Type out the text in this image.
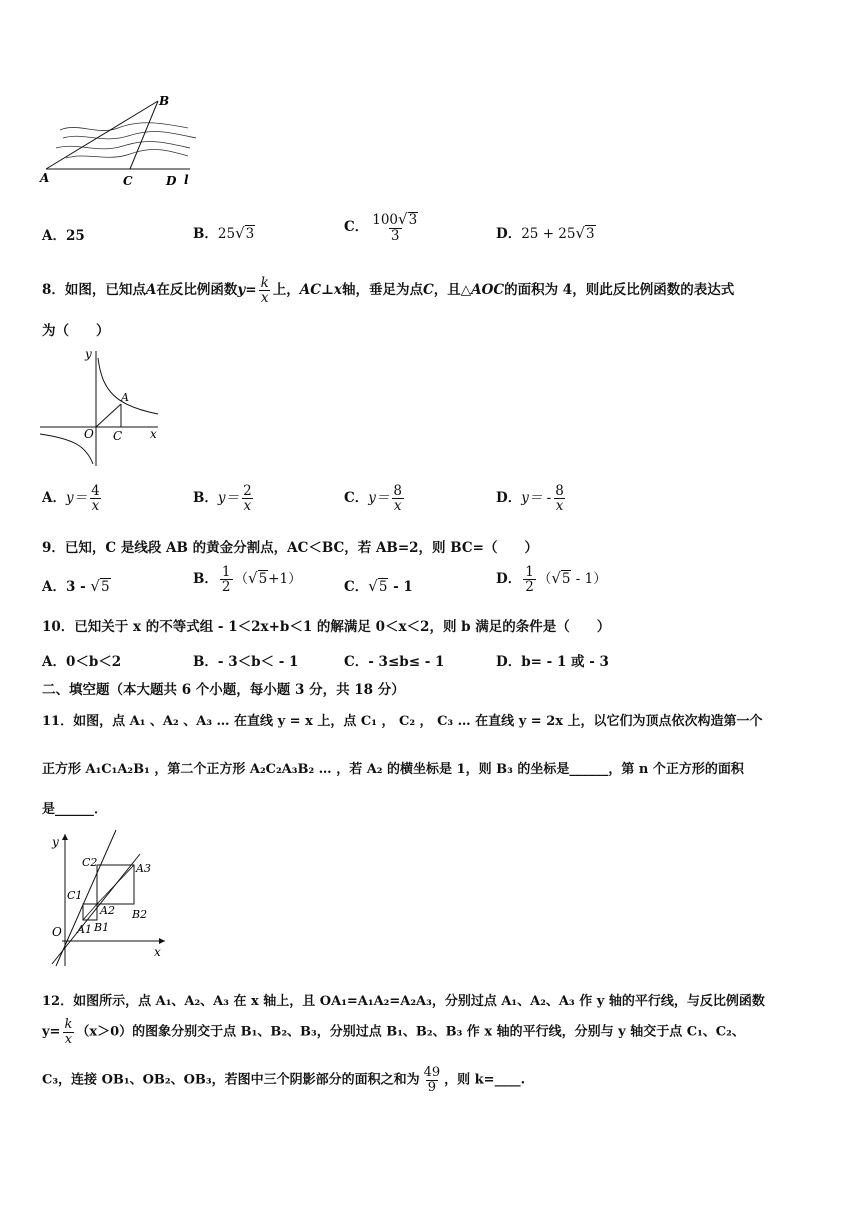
B
A	C	D l
A．25	B．25√3	C． $\frac{100√3}{3}$	D．25 + 25√3
8．如图，已知点A在反比例函数$y= \frac{k}{x}$ 上，AC⊥x轴，垂足为点C，且△AOC的面积为 4，则此反比例函数的表达式
为（　　）
y
A
O C x
A．$y= \frac{4}{x}$	B．$y= \frac{2}{x}$	C．$y= \frac{8}{x}$	D．$y= - \frac{8}{x}$
9．已知，C 是线段 AB 的黄金分割点，AC＜BC，若 AB=2，则 BC=（　　）
A．3 - √5	B． $\frac{1}{2} (√5+1)$	C．√5 - 1	D． $\frac{1}{2} (√5 - 1)$
10．已知关于 x 的不等式组 - 1＜2x+b＜1 的解满足 0＜x＜2，则 b 满足的条件是（　　）
A．0＜b＜2	B．- 3＜b＜ - 1	C．- 3≤b≤ - 1	D．b= - 1 或 - 3
二、填空题（本大题共 6 个小题，每小题 3 分，共 18 分）
11．如图，点 A₁ 、A₂ 、A₃ … 在直线 y = x 上，点 C₁ ， C₂ ， C₃ … 在直线 y = 2x 上，以它们为顶点依次构造第一个
正方形 A₁C₁A₂B₁ ，第二个正方形 A₂C₂A₃B₂ … ，若 A₂ 的横坐标是 1，则 B₃ 的坐标是______，第 n 个正方形的面积
是______．
y
C2	A3
C1
A2 B2
O A1 B1
x
12．如图所示，点 A₁、A₂、A₃ 在 x 轴上，且 OA₁=A₁A₂=A₂A₃，分别过点 A₁、A₂、A₃ 作 y 轴的平行线，与反比例函数
$y= \frac{k}{x} (x>0)$的图象分别交于点 B₁、B₂、B₃，分别过点 B₁、B₂、B₃ 作 x 轴的平行线，分别与 y 轴交于点 C₁、C₂、
C₃，连接 OB₁、OB₂、OB₃，若图中三个阴影部分的面积之和为 $\frac{49}{9}$ ，则 k=____.
